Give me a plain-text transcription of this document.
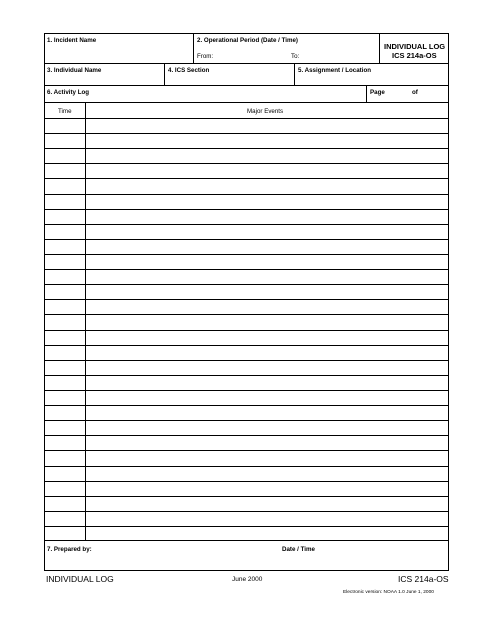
1. Incident Name	2. Operational Period (Date / Time)
From:	To:
INDIVIDUAL LOG
ICS 214a-OS
3. Individual Name	4. ICS Section	5. Assignment / Location
6. Activity Log	Page	of
Time	Major Events
7. Prepared by:	Date / Time
INDIVIDUAL LOG	June 2000	ICS 214a-OS
Electronic version: NOAA 1.0 June 1, 2000
